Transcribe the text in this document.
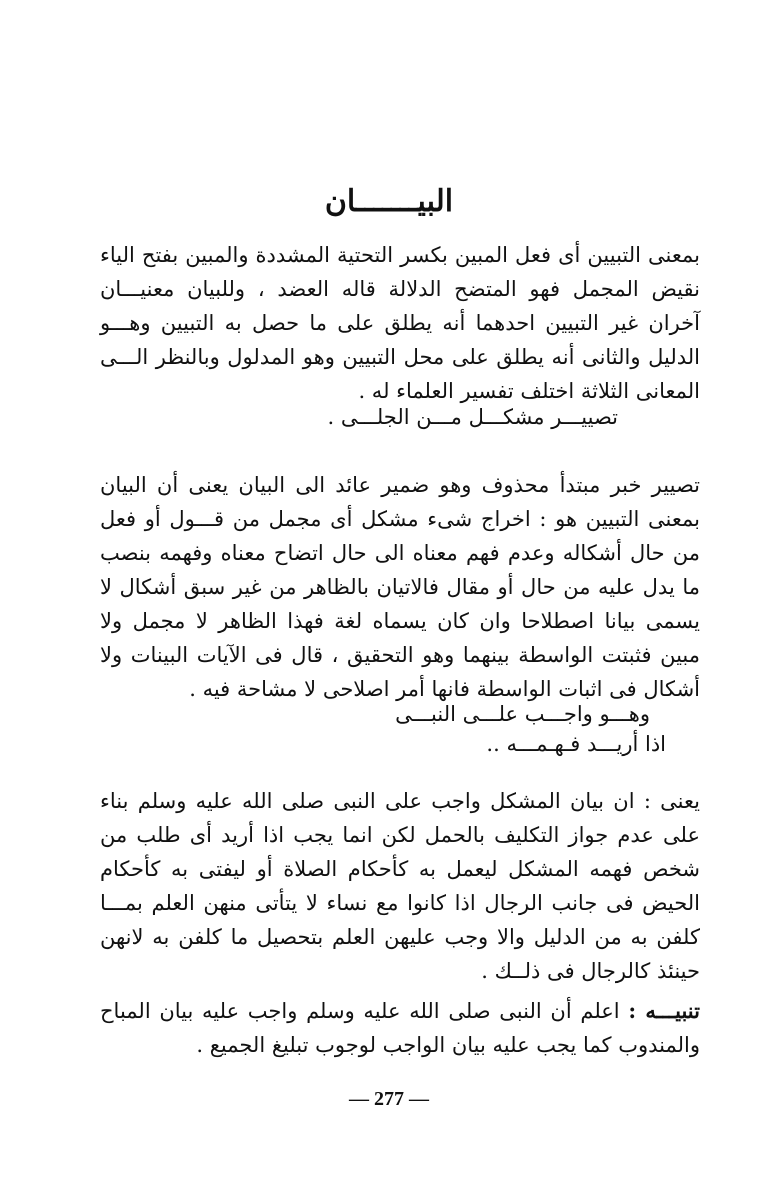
البيـــــــان

بمعنى التبيين أى فعل المبين بكسر التحتية المشددة والمبين بفتح الياء نقيض المجمل فهو المتضح الدلالة قاله العضد ، وللبيان معنيـــان آخران غير التبيين احدهما أنه يطلق على ما حصل به التبيين وهـــو الدليل والثانى أنه يطلق على محل التبيين وهو المدلول وبالنظر الـــى المعانى الثلاثة اختلف تفسير العلماء له .

تصييـــر مشكـــل مـــن الجلـــى .

تصيير خبر مبتدأ محذوف وهو ضمير عائد الى البيان يعنى أن البيان بمعنى التبيين هو : اخراج شىء مشكل أى مجمل من قـــول أو فعل من حال أشكاله وعدم فهم معناه الى حال اتضاح معناه وفهمه بنصب ما يدل عليه من حال أو مقال فالاتيان بالظاهر من غير سبق أشكال لا يسمى بيانا اصطلاحا وان كان يسماه لغة فهذا الظاهر لا مجمل ولا مبين فثبتت الواسطة بينهما وهو التحقيق ، قال فى الآيات البينات ولا أشكال فى اثبات الواسطة فانها أمر اصلاحى لا مشاحة فيه .

وهـــو واجـــب علـــى النبـــى

اذا أريـــد فـهـمـــه ..

يعنى : ان بيان المشكل واجب على النبى صلى الله عليه وسلم بناء على عدم جواز التكليف بالحمل لكن انما يجب اذا أريد أى طلب من شخص فهمه المشكل ليعمل به كأحكام الصلاة أو ليفتى به كأحكام الحيض فى جانب الرجال اذا كانوا مع نساء لا يتأتى منهن العلم بمـــا كلفن به من الدليل والا وجب عليهن العلم بتحصيل ما كلفن به لانهن حينئذ كالرجال فى ذلــك .

تنبيـــه : اعلم أن النبى صلى الله عليه وسلم واجب عليه بيان المباح والمندوب كما يجب عليه بيان الواجب لوجوب تبليغ الجميع .

— 277 —
